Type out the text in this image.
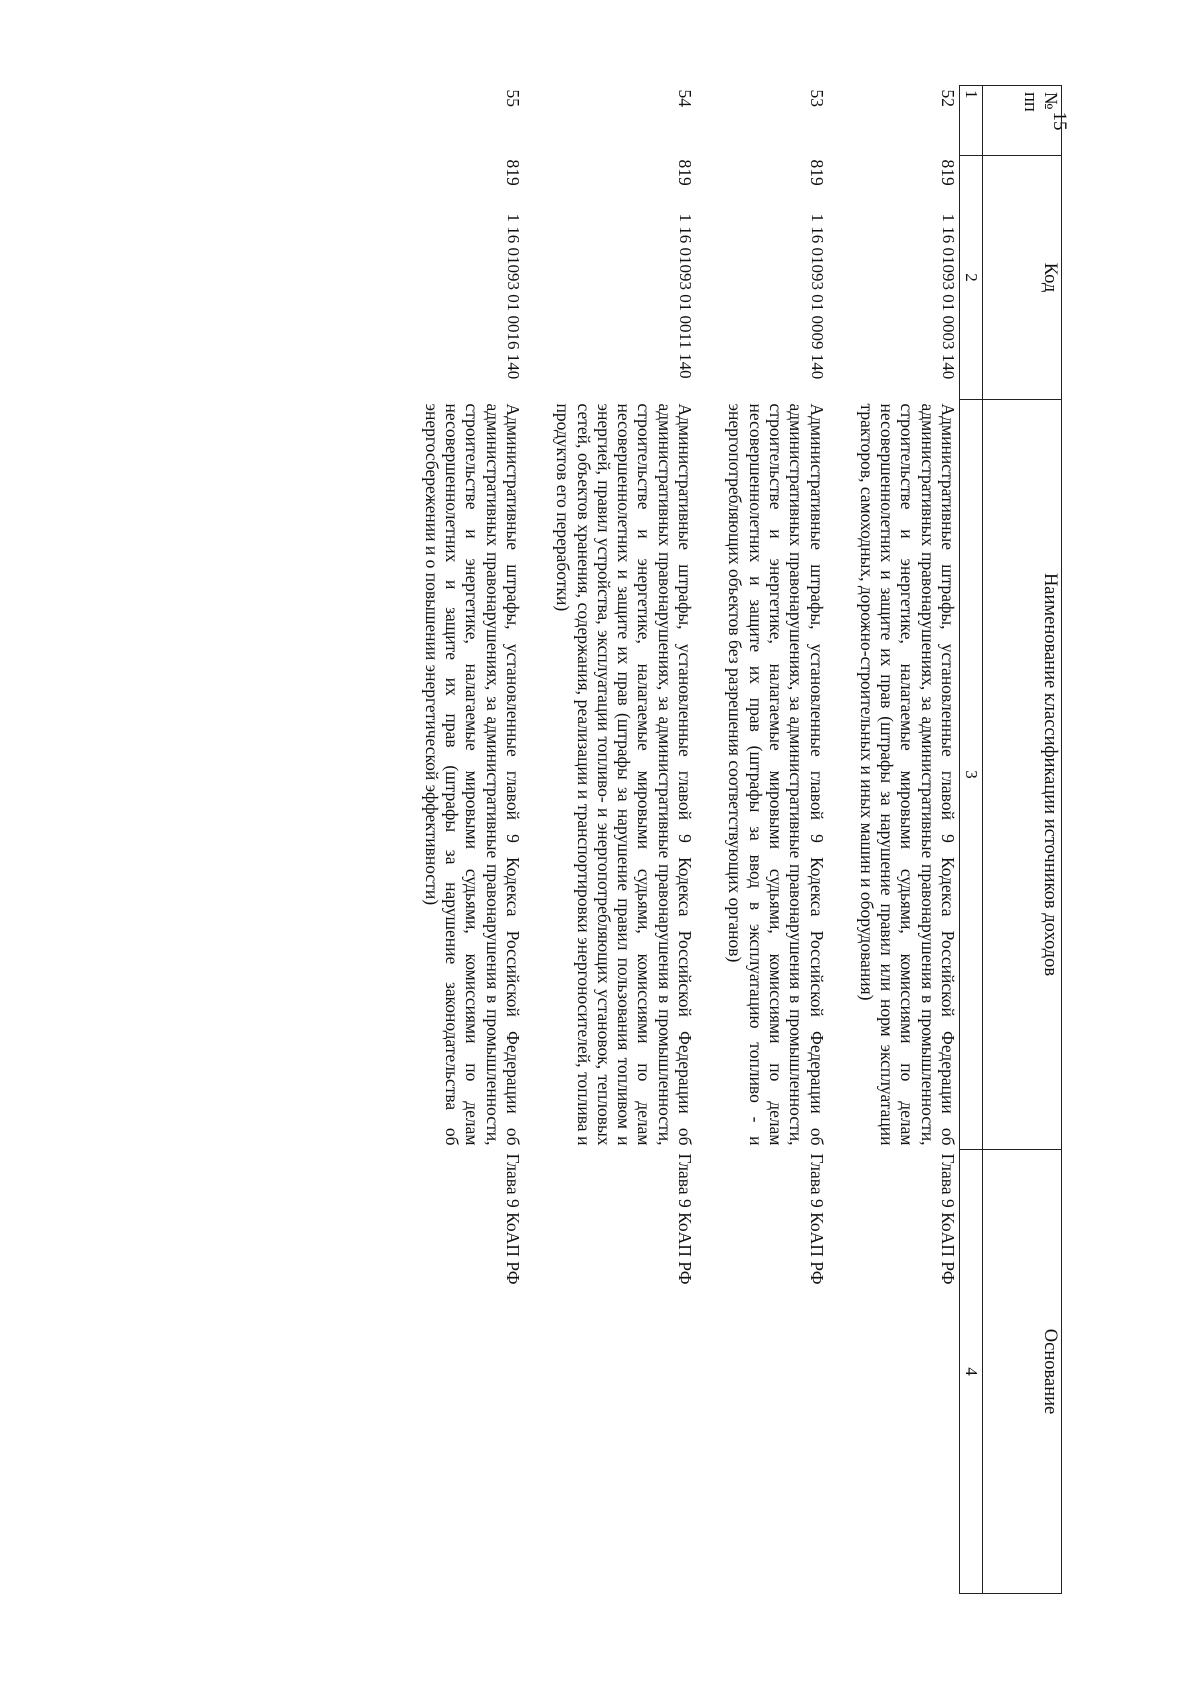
15
№
пп	Код		Наименование классификации источников доходов	Основание
1	2		3	4
52	819	1 16 01093 01 0003 140	Административные штрафы, установленные главой 9 Кодекса Российской Федерации об административных правонарушениях, за административные правонарушения в промышленности, строительстве и энергетике, налагаемые мировыми судьями, комиссиями по делам несовершеннолетних и защите их прав (штрафы за нарушение правил или норм эксплуатации тракторов, самоходных, дорожно-строительных и иных машин и оборудования)	Глава 9 КоАП РФ

53	819	1 16 01093 01 0009 140	Административные штрафы, установленные главой 9 Кодекса Российской Федерации об административных правонарушениях, за административные правонарушения в промышленности, строительстве и энергетике, налагаемые мировыми судьями, комиссиями по делам несовершеннолетних и защите их прав (штрафы за ввод в эксплуатацию топливо - и энергопотребляющих объектов без разрешения соответствующих органов)	Глава 9 КоАП РФ

54	819	1 16 01093 01 0011 140	Административные штрафы, установленные главой 9 Кодекса Российской Федерации об административных правонарушениях, за административные правонарушения в промышленности, строительстве и энергетике, налагаемые мировыми судьями, комиссиями по делам несовершеннолетних и защите их прав (штрафы за нарушение правил пользования топливом и энергией, правил устройства, эксплуатации топливо- и энергопотребляющих установок, тепловых сетей, объектов хранения, содержания, реализации и транспортировки энергоносителей, топлива и продуктов его переработки)	Глава 9 КоАП РФ

55	819	1 16 01093 01 0016 140	Административные штрафы, установленные главой 9 Кодекса Российской Федерации об административных правонарушениях, за административные правонарушения в промышленности, строительстве и энергетике, налагаемые мировыми судьями, комиссиями по делам несовершеннолетних и защите их прав (штрафы за нарушение законодательства об энергосбережении и о повышении энергетической эффективности)	Глава 9 КоАП РФ
